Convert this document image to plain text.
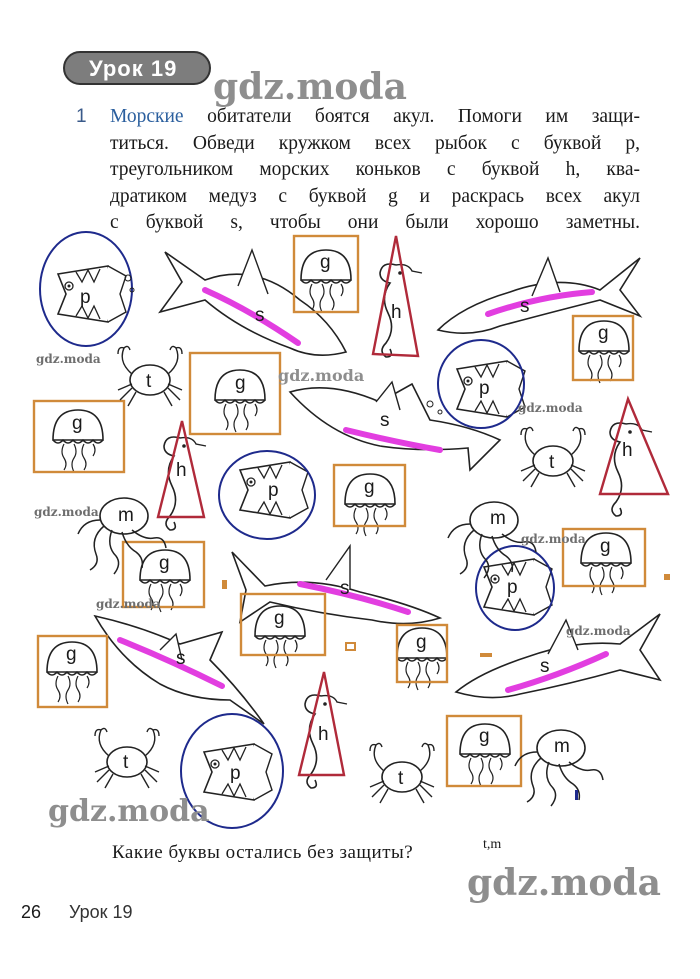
Урок 19 gdz.moda
1 Морские обитатели боятся акул. Помоги им защи-
титься. Обведи кружком всех рыбок с буквой p,
треугольником морских коньков с буквой h, ква-
дратиком медуз с буквой g и раскрась всех акул
с буквой s, чтобы они были хорошо заметны.
p
p
p
p
p
h
h
h
h
g
g
g
g
g
g
g
g
g
g
g
s	s
s
s
s	s
t
t
t
t
m	m
m
gdz.moda
gdz.moda
gdz.moda
gdz.moda
gdz.moda
gdz.moda
gdz.moda
gdz.moda
gdz.moda
Какие буквы остались без защиты?	t,m
26 Урок 19
